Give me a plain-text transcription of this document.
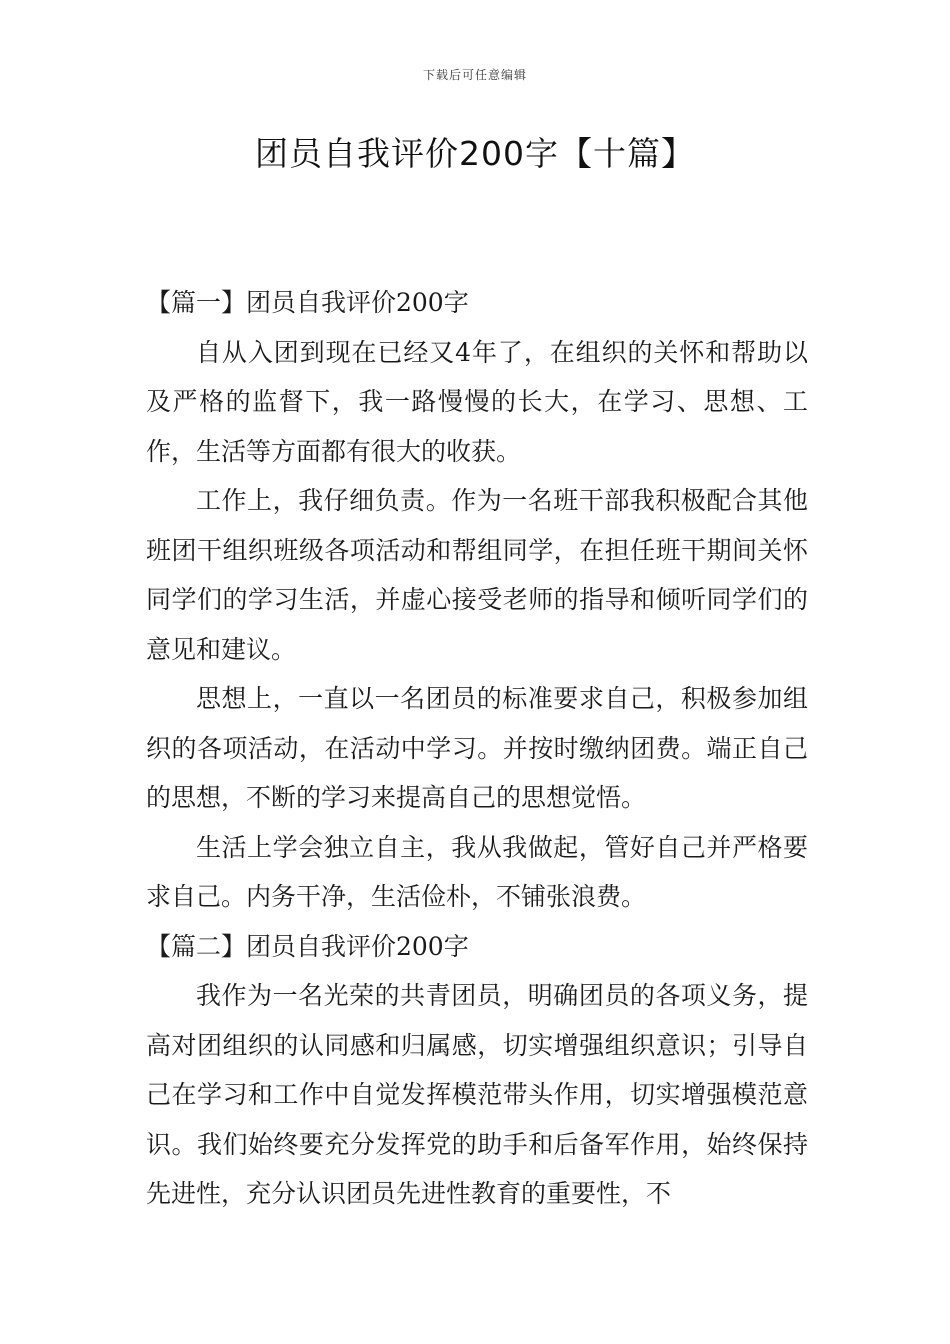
下载后可任意编辑
团员自我评价200字【十篇】
【篇一】团员自我评价200字

自从入团到现在已经又4年了，在组织的关怀和帮助以及严格的监督下，我一路慢慢的长大，在学习、思想、工作，生活等方面都有很大的收获。

工作上，我仔细负责。作为一名班干部我积极配合其他班团干组织班级各项活动和帮组同学，在担任班干期间关怀同学们的学习生活，并虚心接受老师的指导和倾听同学们的意见和建议。

思想上，一直以一名团员的标准要求自己，积极参加组织的各项活动，在活动中学习。并按时缴纳团费。端正自己的思想，不断的学习来提高自己的思想觉悟。

生活上学会独立自主，我从我做起，管好自己并严格要求自己。内务干净，生活俭朴，不铺张浪费。

【篇二】团员自我评价200字

我作为一名光荣的共青团员，明确团员的各项义务，提高对团组织的认同感和归属感，切实增强组织意识；引导自己在学习和工作中自觉发挥模范带头作用，切实增强模范意识。我们始终要充分发挥党的助手和后备军作用，始终保持先进性，充分认识团员先进性教育的重要性，不
